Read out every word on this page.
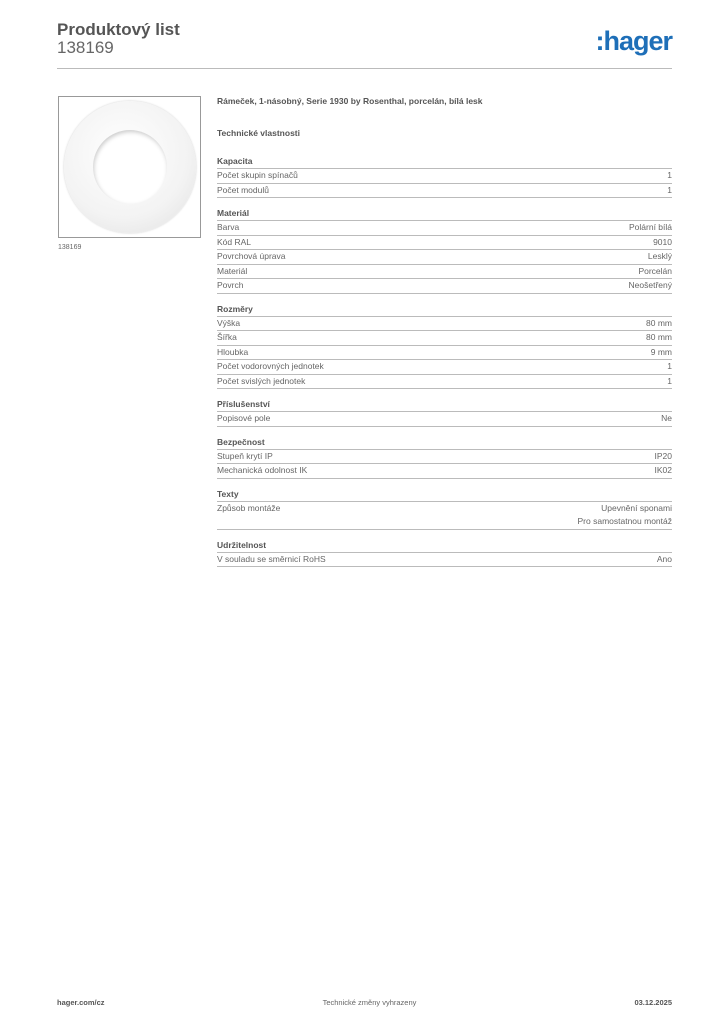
Produktový list
138169	:hager
138169
Rámeček, 1-násobný, Serie 1930 by Rosenthal, porcelán, bílá lesk
Technické vlastnosti
Kapacita
Počet skupin spínačů	1
Počet modulů	1
Materiál
Barva	Polární bílá
Kód RAL	9010
Povrchová úprava	Lesklý
Materiál	Porcelán
Povrch	Neošetřený
Rozměry
Výška	80 mm
Šířka	80 mm
Hloubka	9 mm
Počet vodorovných jednotek	1
Počet svislých jednotek	1
Příslušenství
Popisové pole	Ne
Bezpečnost
Stupeň krytí IP	IP20
Mechanická odolnost IK	IK02
Texty
Způsob montáže	Upevnění sponami
Pro samostatnou montáž
Udržitelnost
V souladu se směrnicí RoHS	Ano
hager.com/cz	Technické změny vyhrazeny	03.12.2025
